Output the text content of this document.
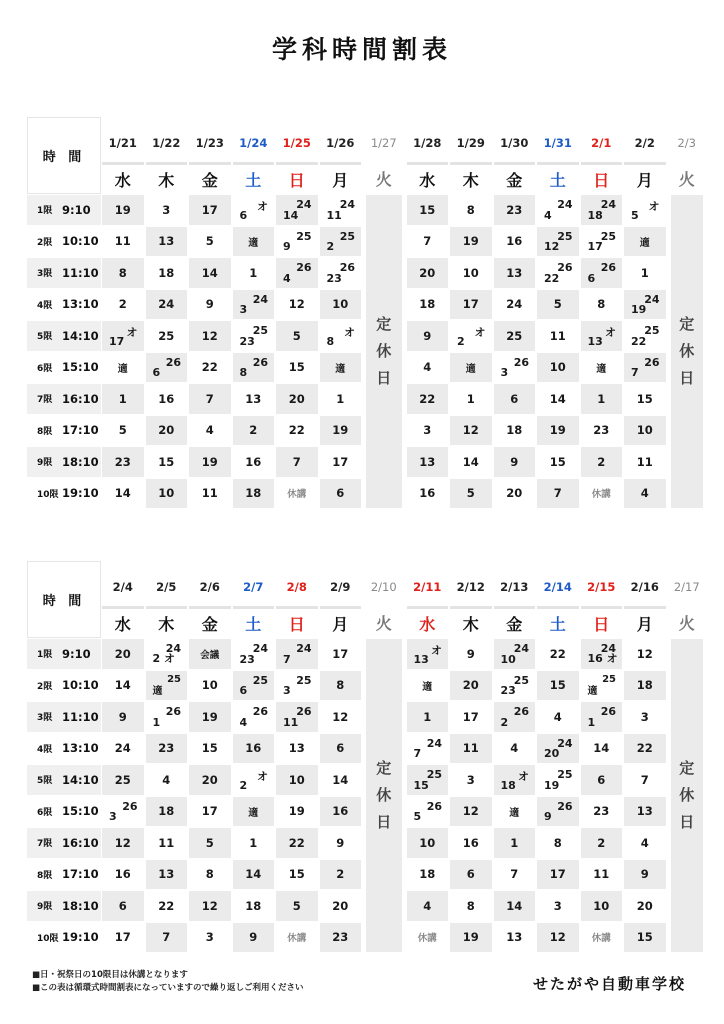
学科時間割表
時 間
1/21
水
1/22
木
1/23
金
1/24
土
1/25
日
1/26
月
1/27
火
1/28
水
1/29
木
1/30
金
1/31
土
2/1
日
2/2
月
2/3
火
1限 9:10
2限 10:10
3限 11:10
4限 13:10
5限 14:10
6限 15:10
7限 16:10
8限 17:10
9限 18:10
10限 19:10
19
11
8
2
17
オ
適
1
5
23
14
3
13
18
24
25
6
26
16
20
15
10
17
5
14
9
12
22
7
4
19
11
6
オ
適
1
3
24
23
25
8
26
13
2
16
18
14
24
9
25
4
26
12
5
15
20
22
7
休講
11
24
2
25
23
26
10
8
オ
適
1
19
17
6
定
休
日
15
7
20
18
9
4
22
3
13
16
8
19
10
17
2
オ
適
1
12
14
5
23
16
13
24
25
3
26
6
18
9
20
4
24
12
25
22
26
5
11
10
14
19
15
7
18
24
17
25
6
26
8
13
オ
適
1
23
2
休講
5
オ
適
1
19
24
22
25
7
26
15
10
11
4
定
休
日
時 間
2/4
水
2/5
木
2/6
金
2/7
土
2/8
日
2/9
月
2/10
火
2/11
水
2/12
木
2/13
金
2/14
土
2/15
日
2/16
月
2/17
火
1限 9:10
2限 10:10
3限 11:10
4限 13:10
5限 14:10
6限 15:10
7限 16:10
8限 17:10
9限 18:10
10限 19:10
20
14
9
24
25
3
26
12
16
6
17
2 オ
24
適
25
1
26
23
4
18
11
13
22
7
会議
10
19
15
20
17
5
8
12
3
23
24
6
25
4
26
16
2
オ
適
1
14
18
9
7
24
3
25
11
26
13
10
19
22
15
5
休講
17
8
12
6
14
16
9
2
20
23
定
休
日
13
オ
適
1
7
24
15
25
5
26
10
18
4
休講
9
20
17
11
3
12
16
6
8
19
10
24
23
25
2
26
4
18
オ
適
1
7
14
13
22
15
4
20
24
19
25
9
26
8
17
3
12
16 オ
24
適
25
1
26
14
6
23
2
11
10
休講
12
18
3
22
7
13
4
9
20
15
定
休
日
■日・祝祭日の10限目は休講となります
■この表は循環式時間割表になっていますので繰り返しご利用ください	せたがや自動車学校
